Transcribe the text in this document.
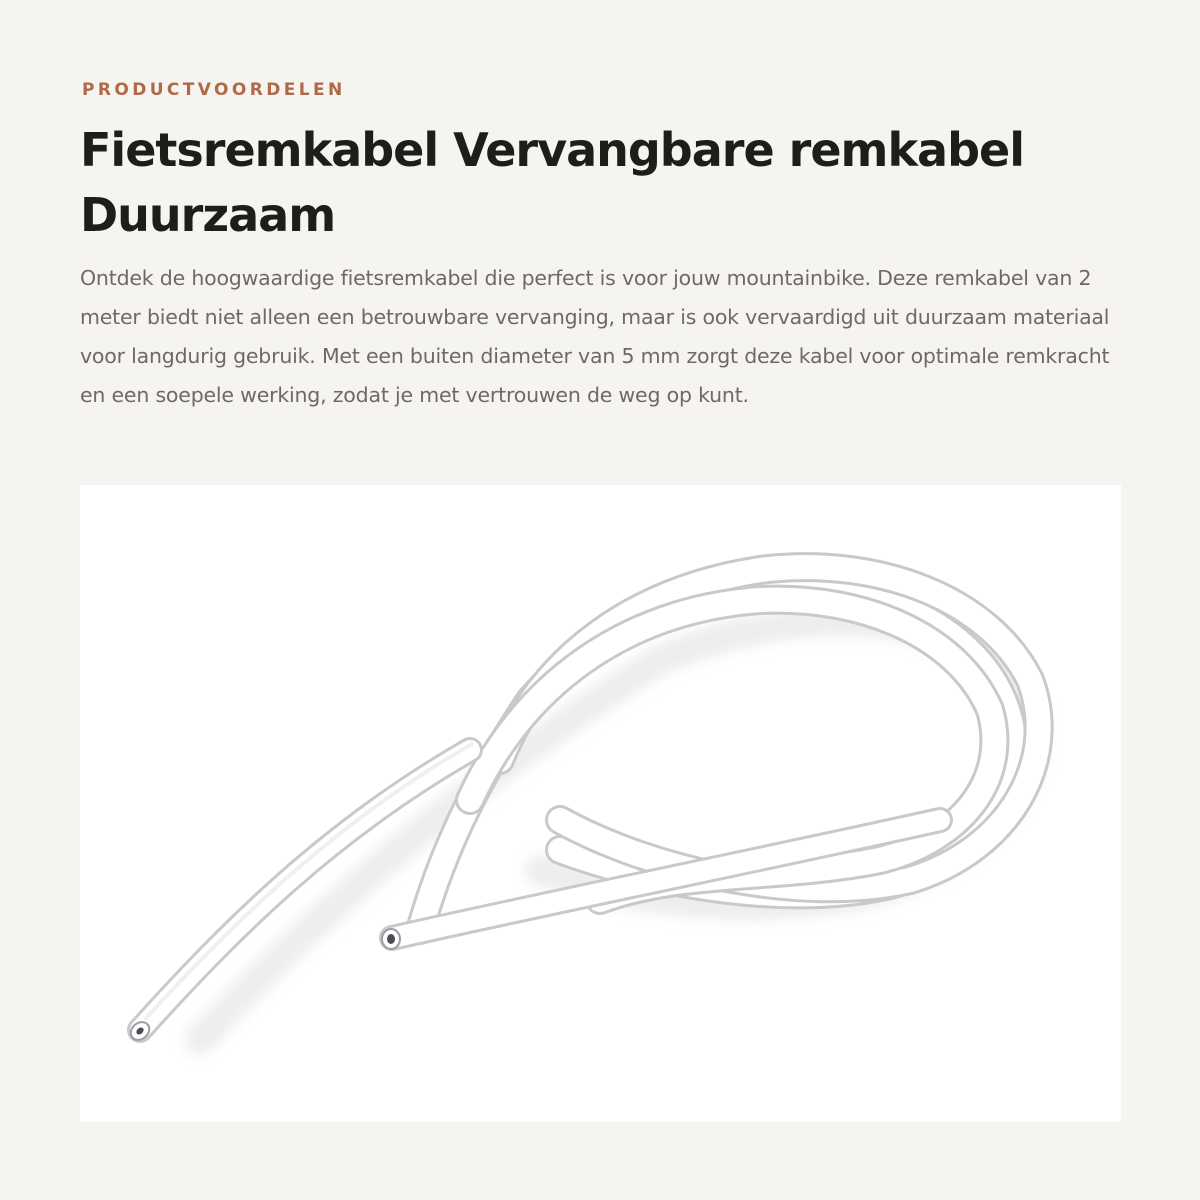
PRODUCTVOORDELEN

Fietsremkabel Vervangbare remkabel Duurzaam

Ontdek de hoogwaardige fietsremkabel die perfect is voor jouw mountainbike. Deze remkabel van 2 meter biedt niet alleen een betrouwbare vervanging, maar is ook vervaardigd uit duurzaam materiaal voor langdurig gebruik. Met een buiten diameter van 5 mm zorgt deze kabel voor optimale remkracht en een soepele werking, zodat je met vertrouwen de weg op kunt.
